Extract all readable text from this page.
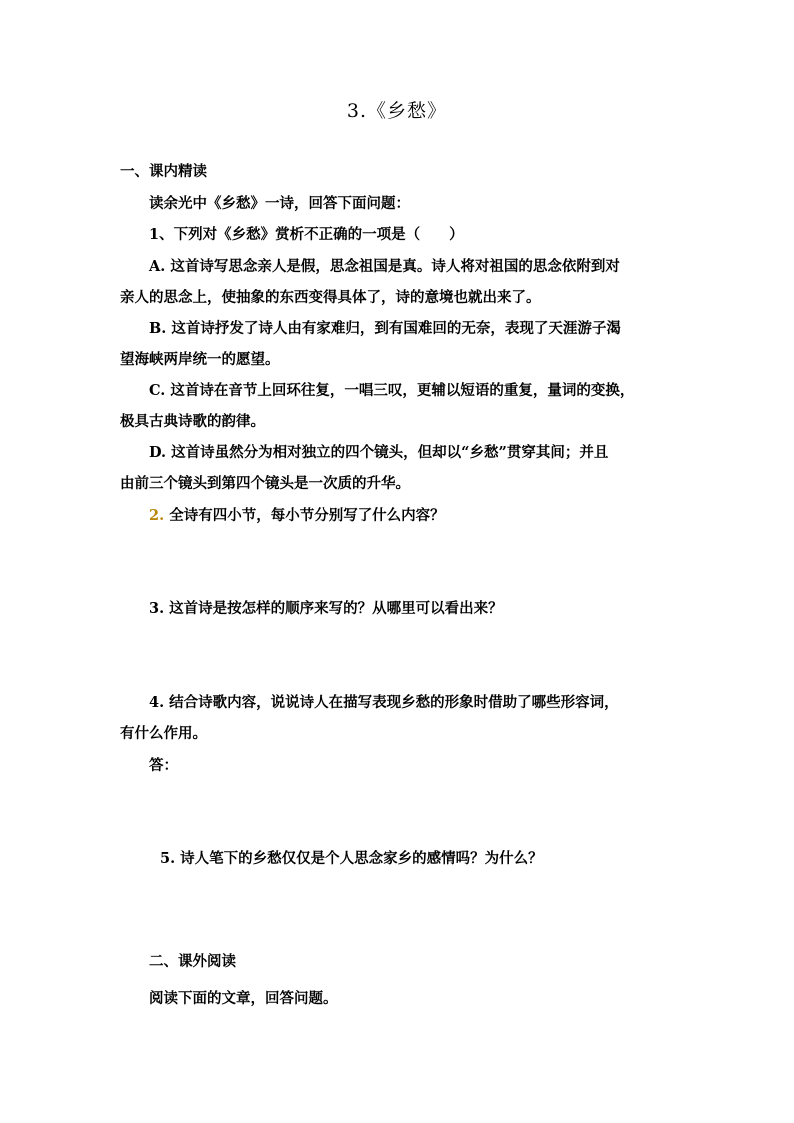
3.《乡愁》
一、课内精读
读余光中《乡愁》一诗，回答下面问题：
1、下列对《乡愁》赏析不正确的一项是（　　）
A. 这首诗写思念亲人是假，思念祖国是真。诗人将对祖国的思念依附到对
亲人的思念上，使抽象的东西变得具体了，诗的意境也就出来了。
B. 这首诗抒发了诗人由有家难归，到有国难回的无奈，表现了天涯游子渴
望海峡两岸统一的愿望。
C. 这首诗在音节上回环往复，一唱三叹，更辅以短语的重复，量词的变换，
极具古典诗歌的韵律。
D. 这首诗虽然分为相对独立的四个镜头，但却以“乡愁”贯穿其间；并且
由前三个镜头到第四个镜头是一次质的升华。
2. 全诗有四小节，每小节分别写了什么内容？
3. 这首诗是按怎样的顺序来写的？从哪里可以看出来？
4. 结合诗歌内容，说说诗人在描写表现乡愁的形象时借助了哪些形容词，
有什么作用。
答：
5. 诗人笔下的乡愁仅仅是个人思念家乡的感情吗？为什么？
二、课外阅读
阅读下面的文章，回答问题。
